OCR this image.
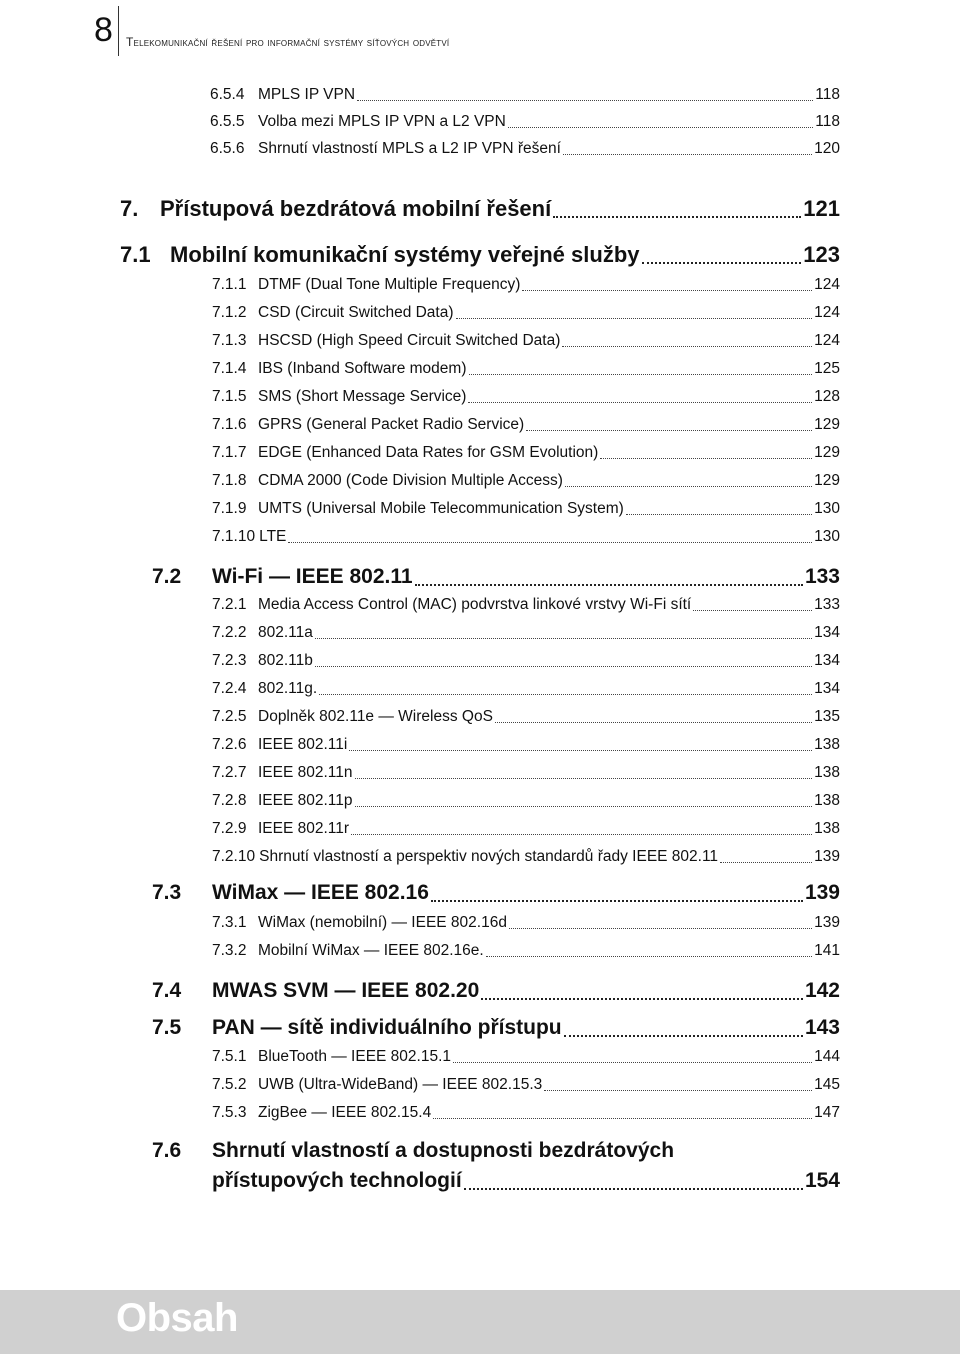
8 Telekomunikační řešení pro informační systémy síťových odvětví
6.5.4 MPLS IP VPN	118
6.5.5 Volba mezi MPLS IP VPN a L2 VPN	118
6.5.6 Shrnutí vlastností MPLS a L2 IP VPN řešení	120
7. Přístupová bezdrátová mobilní řešení	121
7.1 Mobilní komunikační systémy veřejné služby	123
7.1.1 DTMF (Dual Tone Multiple Frequency)	124
7.1.2 CSD (Circuit Switched Data)	124
7.1.3 HSCSD (High Speed Circuit Switched Data)	124
7.1.4 IBS (Inband Software modem)	125
7.1.5 SMS (Short Message Service)	128
7.1.6 GPRS (General Packet Radio Service)	129
7.1.7 EDGE (Enhanced Data Rates for GSM Evolution)	129
7.1.8 CDMA 2000 (Code Division Multiple Access)	129
7.1.9 UMTS (Universal Mobile Telecommunication System)	130
7.1.10 LTE	130
7.2	Wi-Fi — IEEE 802.11	133
7.2.1 Media Access Control (MAC) podvrstva linkové vrstvy Wi-Fi sítí	133
7.2.2 802.11a	134
7.2.3 802.11b	134
7.2.4 802.11g.	134
7.2.5 Doplněk 802.11e — Wireless QoS	135
7.2.6 IEEE 802.11i	138
7.2.7 IEEE 802.11n	138
7.2.8 IEEE 802.11p	138
7.2.9 IEEE 802.11r	138
7.2.10 Shrnutí vlastností a perspektiv nových standardů řady IEEE 802.11	139
7.3	WiMax — IEEE 802.16	139
7.3.1 WiMax (nemobilní) — IEEE 802.16d	139
7.3.2 Mobilní WiMax — IEEE 802.16e.	141
7.4	MWAS SVM — IEEE 802.20	142
7.5	PAN — sítě individuálního přístupu	143
7.5.1 BlueTooth — IEEE 802.15.1	144
7.5.2 UWB (Ultra-WideBand) — IEEE 802.15.3	145
7.5.3 ZigBee — IEEE 802.15.4	147
7.6	Shrnutí vlastností a dostupnosti bezdrátových
přístupových technologií	154
Obsah
